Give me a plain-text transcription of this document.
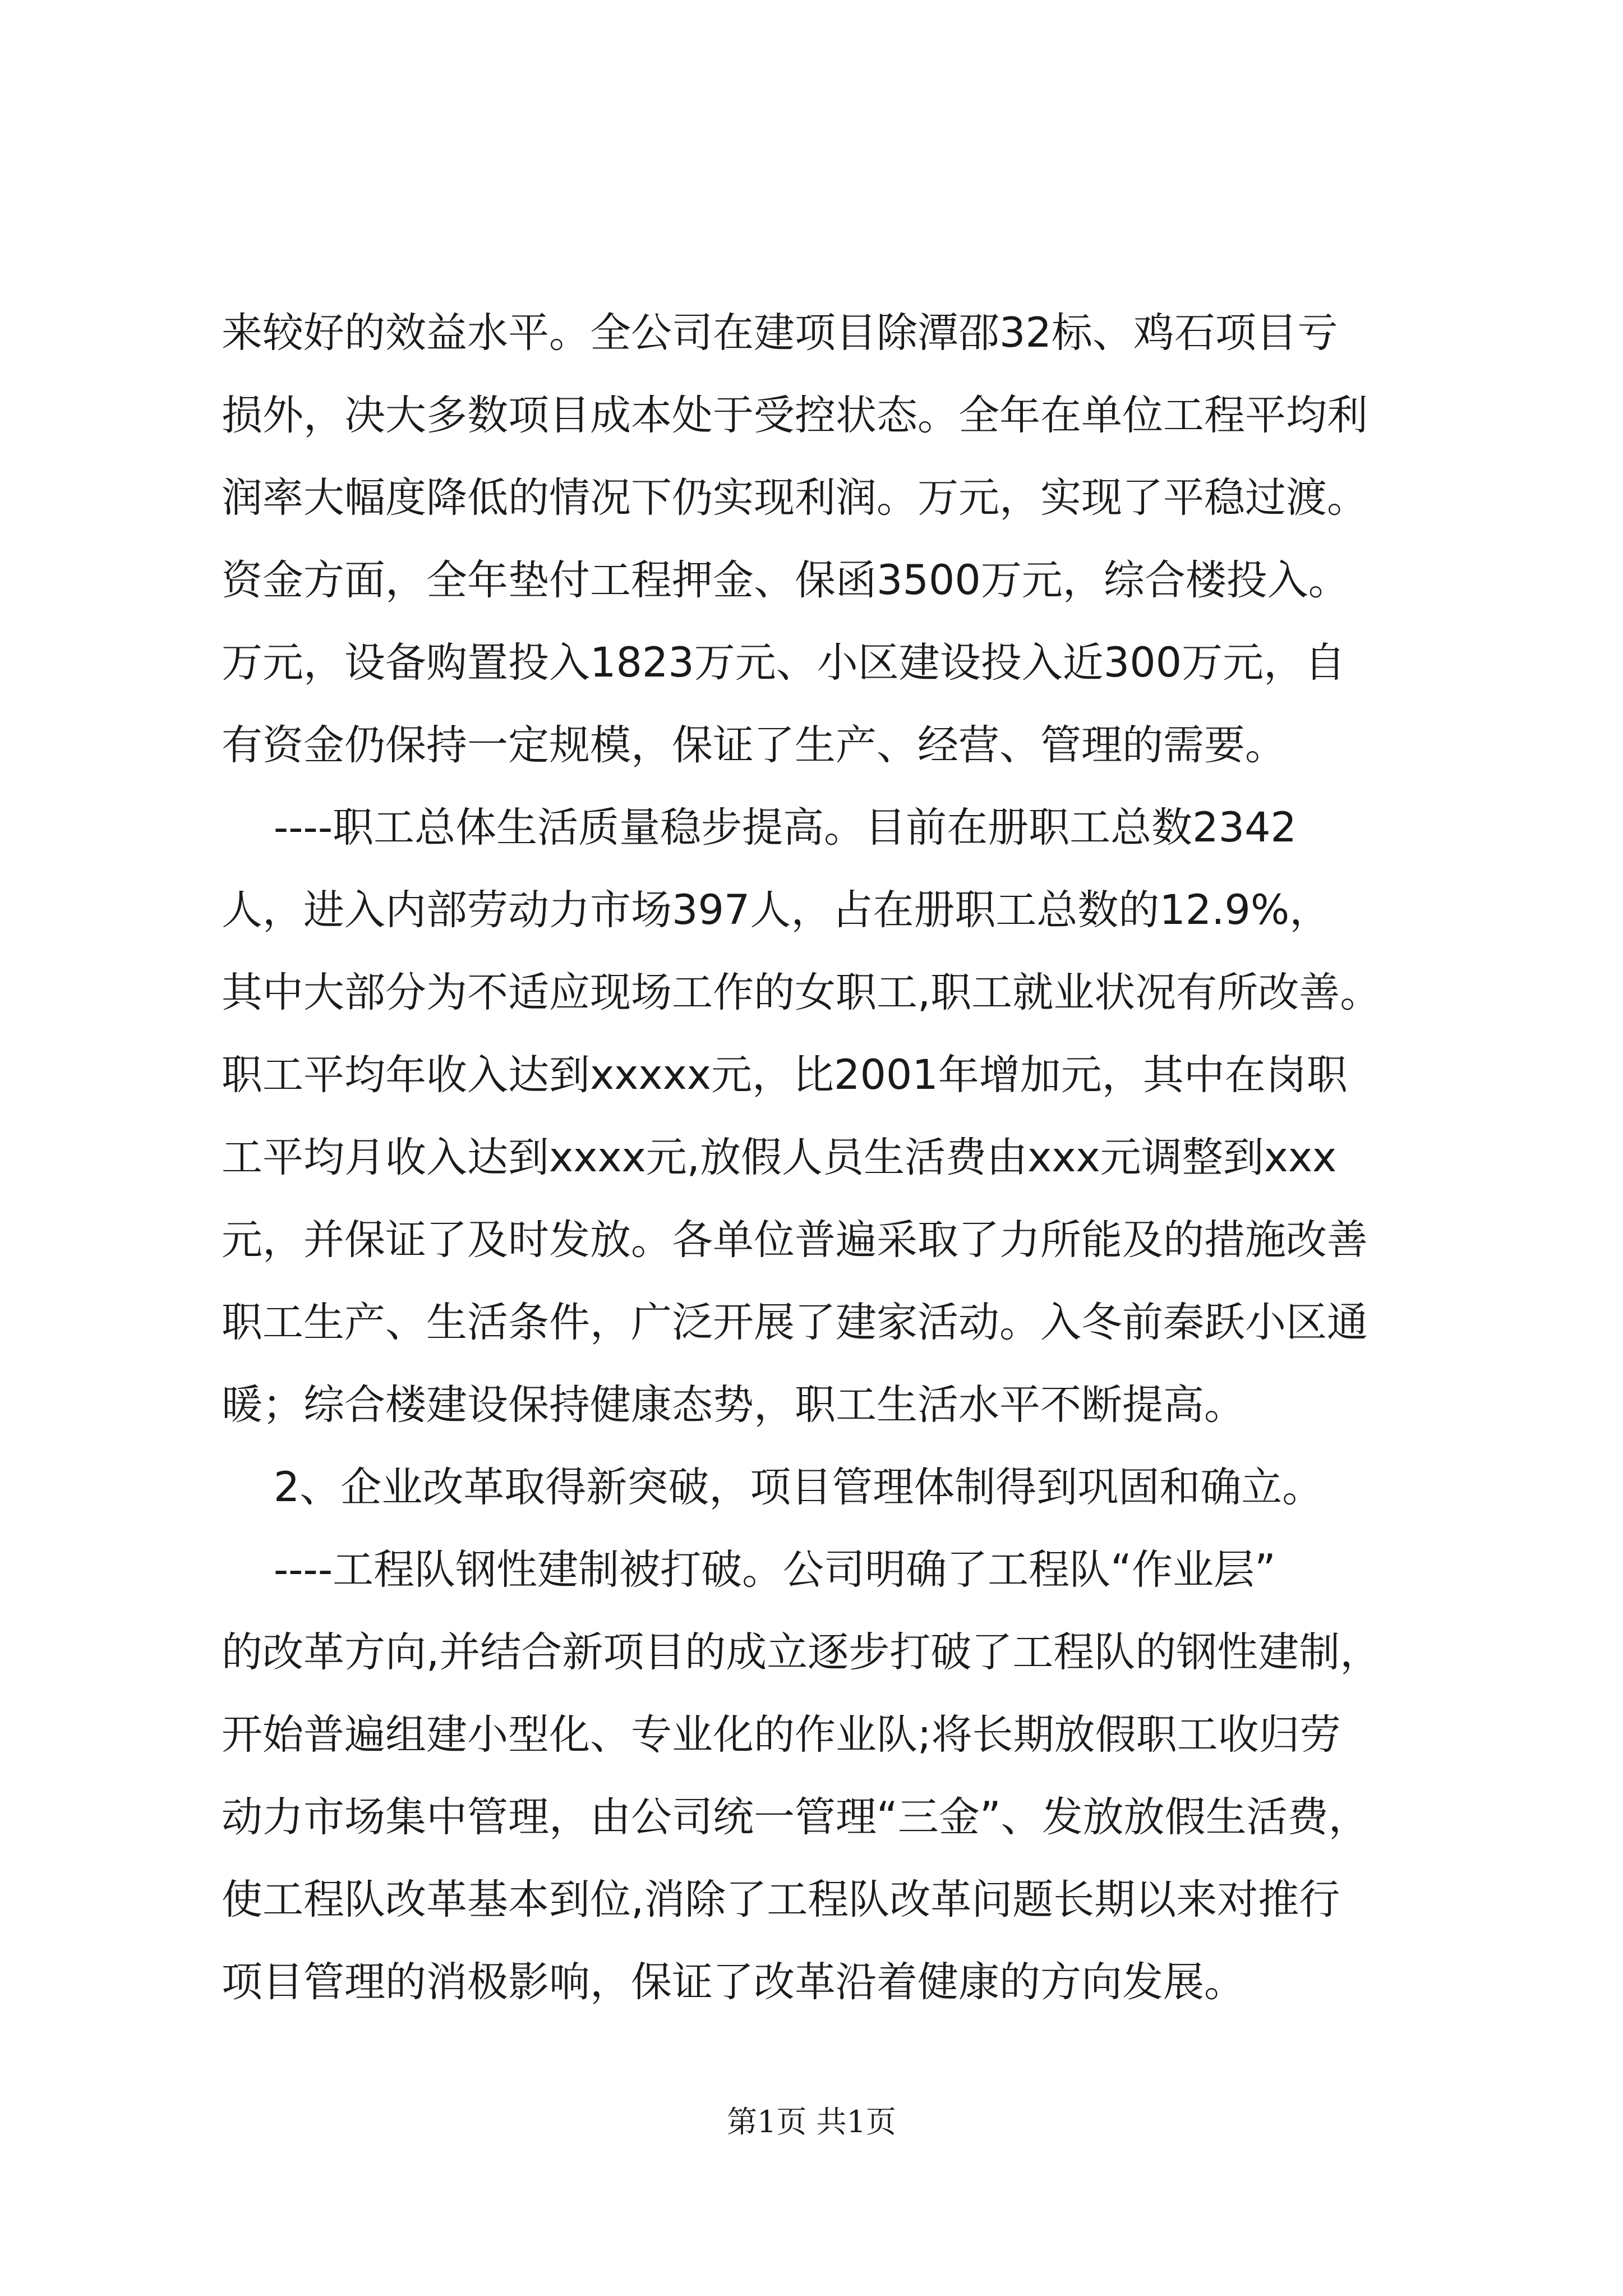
来较好的效益水平。全公司在建项目除潭邵32标、鸡石项目亏
损外，决大多数项目成本处于受控状态。全年在单位工程平均利
润率大幅度降低的情况下仍实现利润。万元，实现了平稳过渡。
资金方面，全年垫付工程押金、保函3500万元，综合楼投入。
万元，设备购置投入1823万元、小区建设投入近300万元，自
有资金仍保持一定规模，保证了生产、经营、管理的需要。
----职工总体生活质量稳步提高。目前在册职工总数2342
人，进入内部劳动力市场397人，占在册职工总数的12.9%，
其中大部分为不适应现场工作的女职工,职工就业状况有所改善。
职工平均年收入达到xxxxx元，比2001年增加元，其中在岗职
工平均月收入达到xxxx元,放假人员生活费由xxx元调整到xxx
元，并保证了及时发放。各单位普遍采取了力所能及的措施改善
职工生产、生活条件，广泛开展了建家活动。入冬前秦跃小区通
暖；综合楼建设保持健康态势，职工生活水平不断提高。
2、企业改革取得新突破，项目管理体制得到巩固和确立。
----工程队钢性建制被打破。公司明确了工程队“作业层”
的改革方向,并结合新项目的成立逐步打破了工程队的钢性建制，
开始普遍组建小型化、专业化的作业队;将长期放假职工收归劳
动力市场集中管理，由公司统一管理“三金”、发放放假生活费，
使工程队改革基本到位,消除了工程队改革问题长期以来对推行
项目管理的消极影响，保证了改革沿着健康的方向发展。
第1页 共1页
